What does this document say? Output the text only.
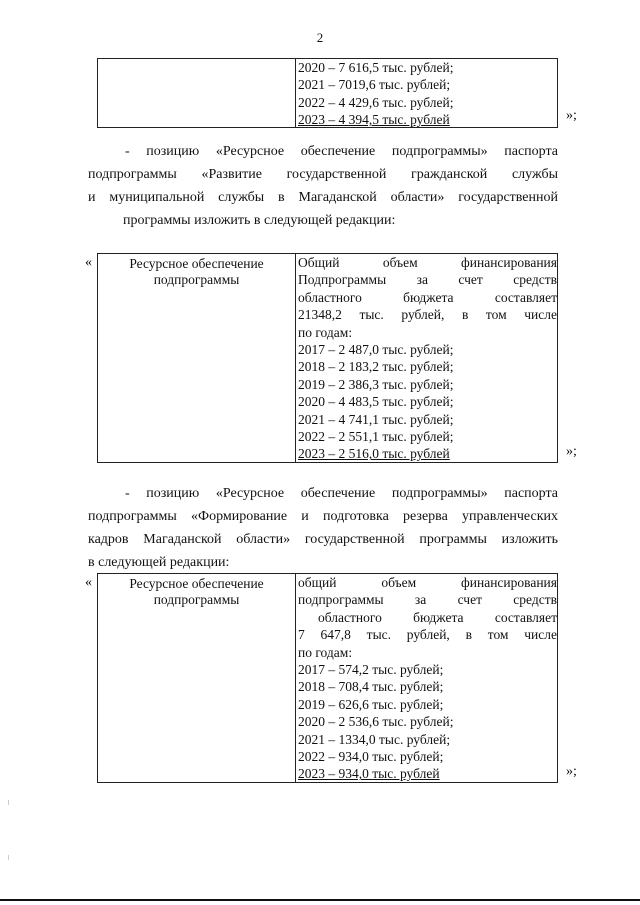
2
2020 – 7 616,5 тыс. рублей;
2021 – 7019,6 тыс. рублей;
2022 – 4 429,6 тыс. рублей;
2023 – 4 394,5 тыс. рублей	»;
- позицию «Ресурсное обеспечение подпрограммы» паспорта
подпрограммы «Развитие государственной гражданской службы
и муниципальной службы в Магаданской области» государственной
программы изложить в следующей редакции:
«	Ресурсное обеспечение подпрограммы
Общий объем финансирования
Подпрограммы за счет средств
областного бюджета составляет
21348,2 тыс. рублей, в том числе
по годам:
2017 – 2 487,0 тыс. рублей;
2018 – 2 183,2 тыс. рублей;
2019 – 2 386,3 тыс. рублей;
2020 – 4 483,5 тыс. рублей;
2021 – 4 741,1 тыс. рублей;
2022 – 2 551,1 тыс. рублей;
2023 – 2 516,0 тыс. рублей	»;
- позицию «Ресурсное обеспечение подпрограммы» паспорта
подпрограммы «Формирование и подготовка резерва управленческих
кадров Магаданской области» государственной программы изложить
в следующей редакции:
«	Ресурсное обеспечение подпрограммы
общий объем финансирования
подпрограммы за счет средств
областного бюджета составляет
7 647,8 тыс. рублей, в том числе
по годам:
2017 – 574,2 тыс. рублей;
2018 – 708,4 тыс. рублей;
2019 – 626,6 тыс. рублей;
2020 – 2 536,6 тыс. рублей;
2021 – 1334,0 тыс. рублей;
2022 – 934,0 тыс. рублей;
2023 – 934,0 тыс. рублей	»;
